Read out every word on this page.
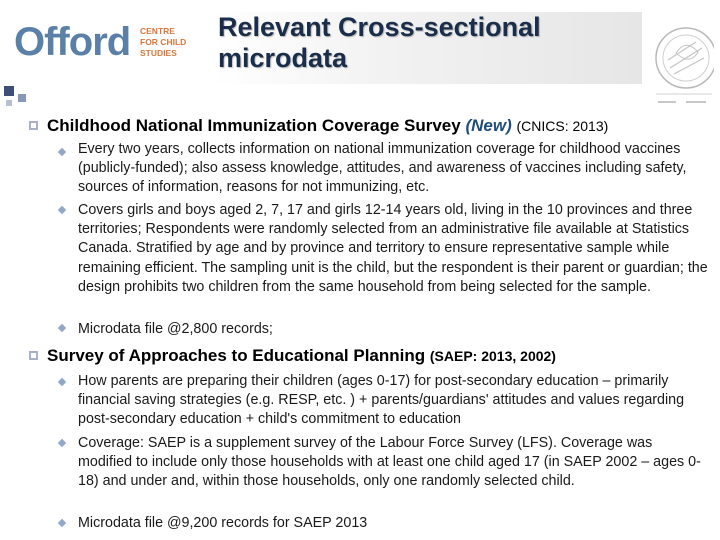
Offord CENTRE
FOR CHILD
STUDIES
Relevant Cross-sectional
microdata
Childhood National Immunization Coverage Survey (New) (CNICS: 2013)
Every two years, collects information on national immunization coverage for childhood vaccines (publicly-funded); also assess knowledge, attitudes, and awareness of vaccines including safety, sources of information, reasons for not immunizing, etc.
Covers girls and boys aged 2, 7, 17 and girls 12-14 years old, living in the 10 provinces and three territories; Respondents were randomly selected from an administrative file available at Statistics Canada. Stratified by age and by province and territory to ensure representative sample while remaining efficient. The sampling unit is the child, but the respondent is their parent or guardian; the design prohibits two children from the same household from being selected for the sample.
Microdata file @2,800 records;
Survey of Approaches to Educational Planning (SAEP: 2013, 2002)
How parents are preparing their children (ages 0-17) for post-secondary education – primarily financial saving strategies (e.g. RESP, etc. ) + parents/guardians' attitudes and values regarding post-secondary education + child's commitment to education
Coverage: SAEP is a supplement survey of the Labour Force Survey (LFS). Coverage was modified to include only those households with at least one child aged 17 (in SAEP 2002 – ages 0-18) and under and, within those households, only one randomly selected child.
Microdata file @9,200 records for SAEP 2013
